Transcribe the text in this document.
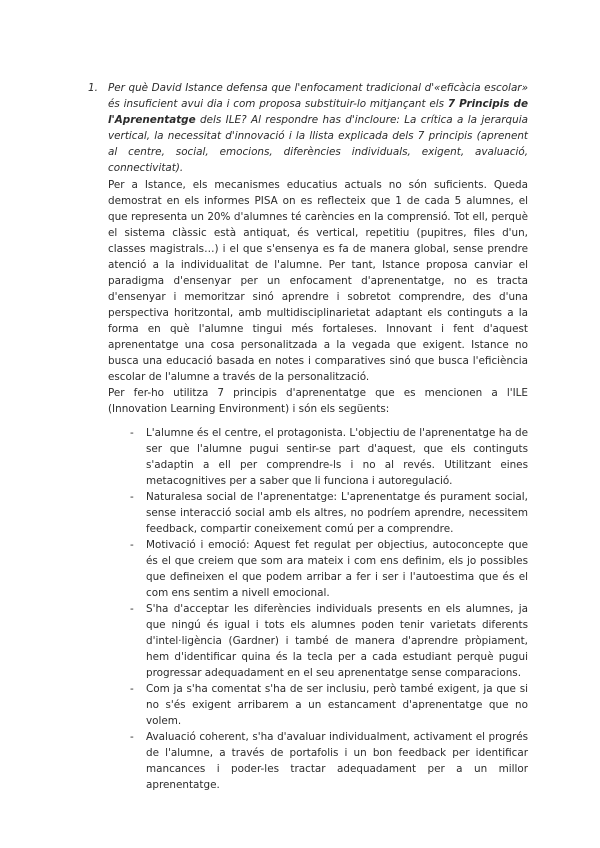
1. Per què David Istance defensa que l'enfocament tradicional d'«eficàcia escolar» és insuficient avui dia i com proposa substituir-lo mitjançant els 7 Principis de l'Aprenentatge dels ILE? Al respondre has d'incloure: La crítica a la jerarquia vertical, la necessitat d'innovació i la llista explicada dels 7 principis (aprenent al centre, social, emocions, diferències individuals, exigent, avaluació, connectivitat).
Per a Istance, els mecanismes educatius actuals no són suficients. Queda demostrat en els informes PISA on es reflecteix que 1 de cada 5 alumnes, el que representa un 20% d'alumnes té carències en la comprensió. Tot ell, perquè el sistema clàssic està antiquat, és vertical, repetitiu (pupitres, files d'un, classes magistrals…) i el que s'ensenya es fa de manera global, sense prendre atenció a la individualitat de l'alumne. Per tant, Istance proposa canviar el paradigma d'ensenyar per un enfocament d'aprenentatge, no es tracta d'ensenyar i memoritzar sinó aprendre i sobretot comprendre, des d'una perspectiva horitzontal, amb multidisciplinarietat adaptant els continguts a la forma en què l'alumne tingui més fortaleses. Innovant i fent d'aquest aprenentatge una cosa personalitzada a la vegada que exigent. Istance no busca una educació basada en notes i comparatives sinó que busca l'eficiència escolar de l'alumne a través de la personalització.
Per fer-ho utilitza 7 principis d'aprenentatge que es mencionen a l'ILE (Innovation Learning Environment) i són els següents:
- L'alumne és el centre, el protagonista. L'objectiu de l'aprenentatge ha de ser que l'alumne pugui sentir-se part d'aquest, que els continguts s'adaptin a ell per comprendre-ls i no al revés. Utilitzant eines metacognitives per a saber que li funciona i autoregulació.
- Naturalesa social de l'aprenentatge: L'aprenentatge és purament social, sense interacció social amb els altres, no podríem aprendre, necessitem feedback, compartir coneixement comú per a comprendre.
- Motivació i emoció: Aquest fet regulat per objectius, autoconcepte que és el que creiem que som ara mateix i com ens definim, els jo possibles que defineixen el que podem arribar a fer i ser i l'autoestima que és el com ens sentim a nivell emocional.
- S'ha d'acceptar les diferències individuals presents en els alumnes, ja que ningú és igual i tots els alumnes poden tenir varietats diferents d'intel·ligència (Gardner) i també de manera d'aprendre pròpiament, hem d'identificar quina és la tecla per a cada estudiant perquè pugui progressar adequadament en el seu aprenentatge sense comparacions.
- Com ja s'ha comentat s'ha de ser inclusiu, però també exigent, ja que si no s'és exigent arribarem a un estancament d'aprenentatge que no volem.
- Avaluació coherent, s'ha d'avaluar individualment, activament el progrés de l'alumne, a través de portafolis i un bon feedback per identificar mancances i poder-les tractar adequadament per a un millor aprenentatge.
